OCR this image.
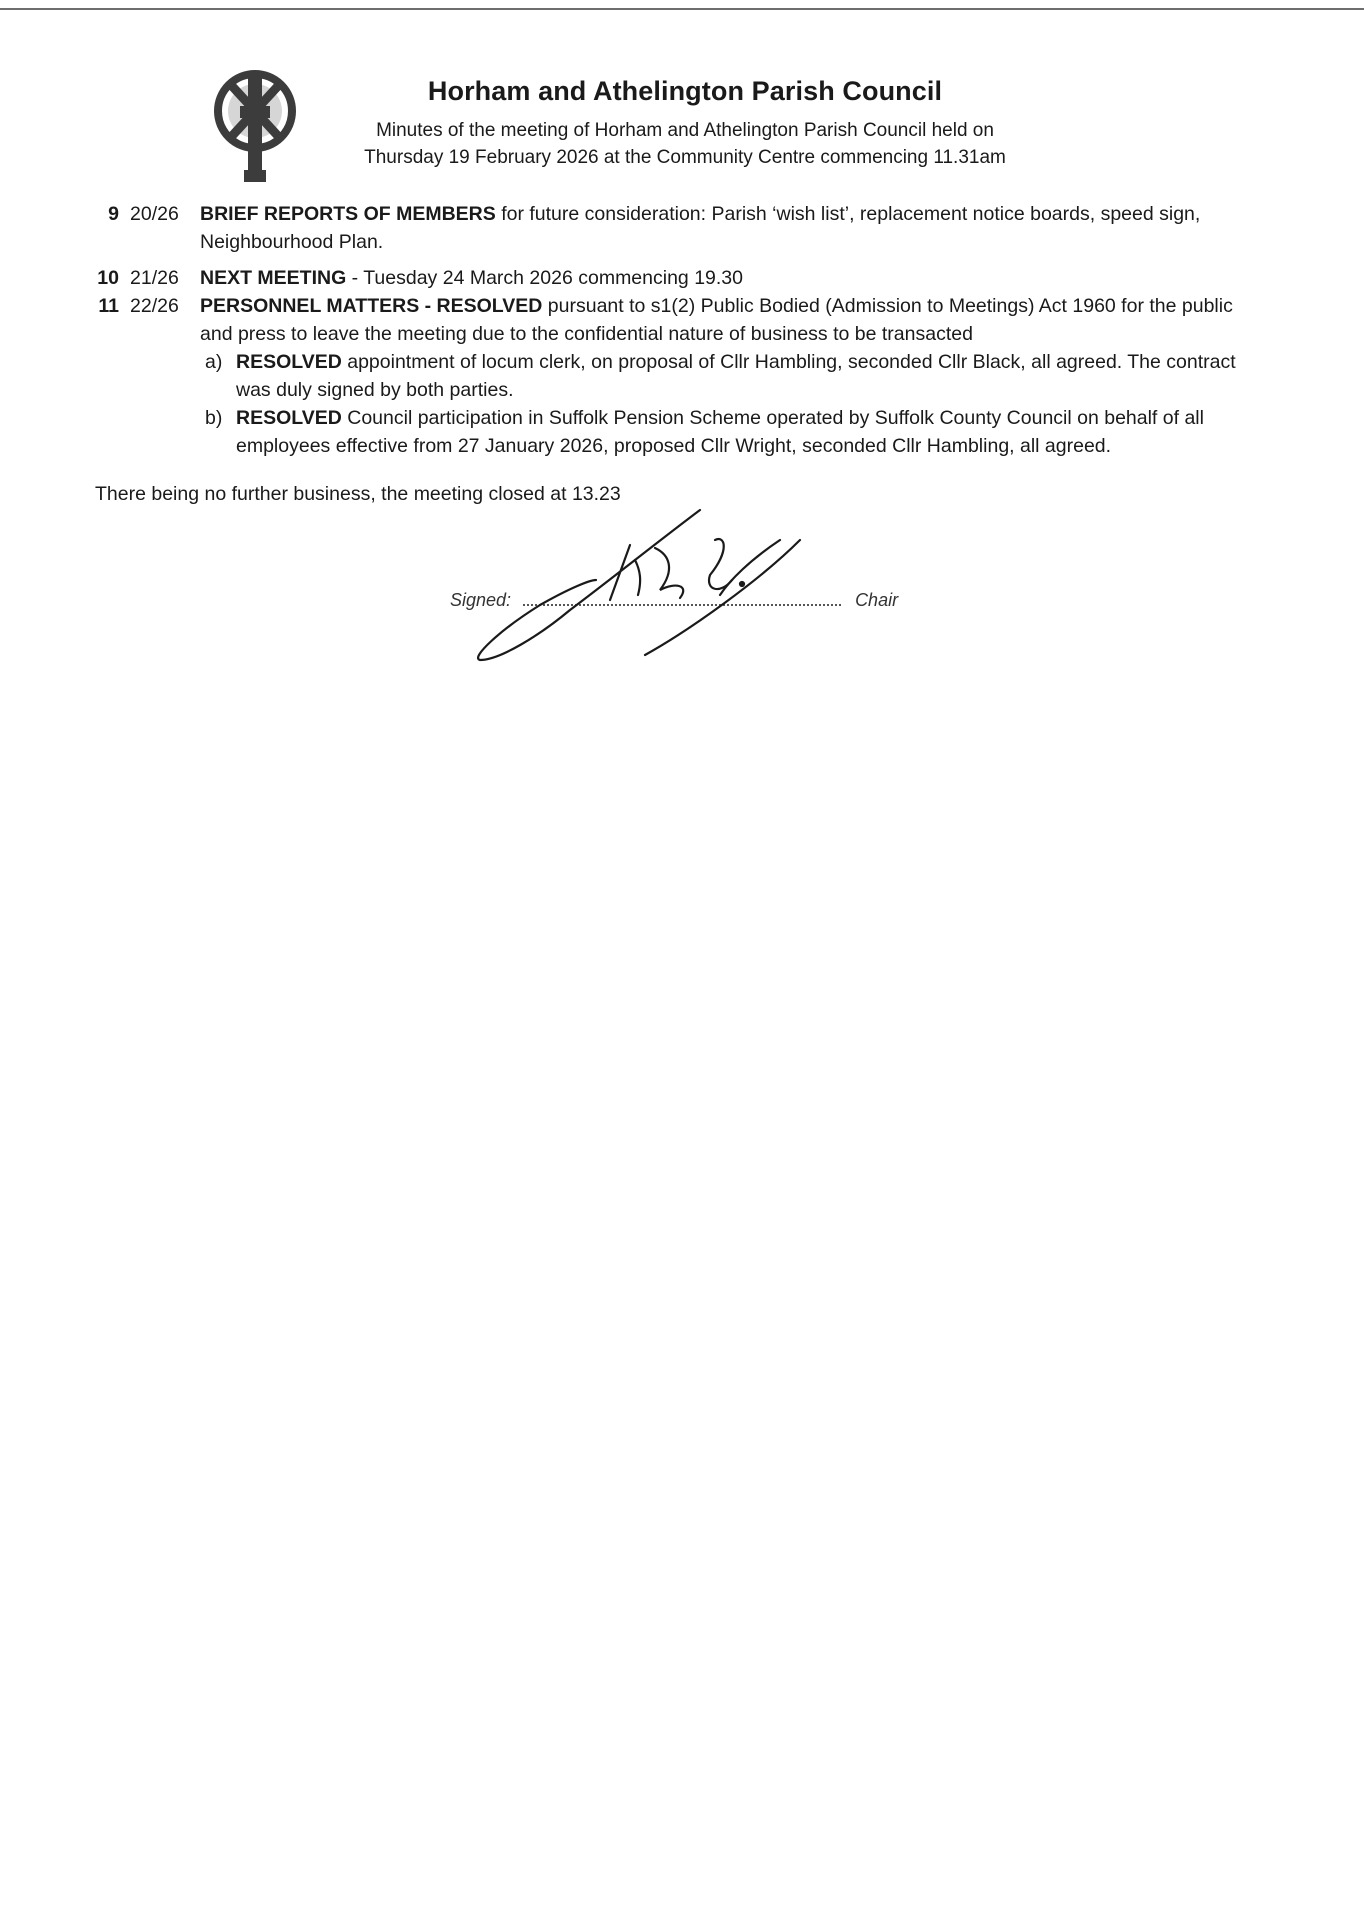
Horham and Athelington Parish Council
Minutes of the meeting of Horham and Athelington Parish Council held on
Thursday 19 February 2026 at the Community Centre commencing 11.31am
9 20/26	BRIEF REPORTS OF MEMBERS for future consideration: Parish ‘wish list’, replacement notice boards, speed sign, Neighbourhood Plan.
10 21/26	NEXT MEETING - Tuesday 24 March 2026 commencing 19.30
11 22/26	PERSONNEL MATTERS - RESOLVED pursuant to s1(2) Public Bodied (Admission to Meetings) Act 1960 for the public and press to leave the meeting due to the confidential nature of business to be transacted
a) RESOLVED appointment of locum clerk, on proposal of Cllr Hambling, seconded Cllr Black, all agreed. The contract was duly signed by both parties.
b) RESOLVED Council participation in Suffolk Pension Scheme operated by Suffolk County Council on behalf of all employees effective from 27 January 2026, proposed Cllr Wright, seconded Cllr Hambling, all agreed.
There being no further business, the meeting closed at 13.23
Signed:	Chair
